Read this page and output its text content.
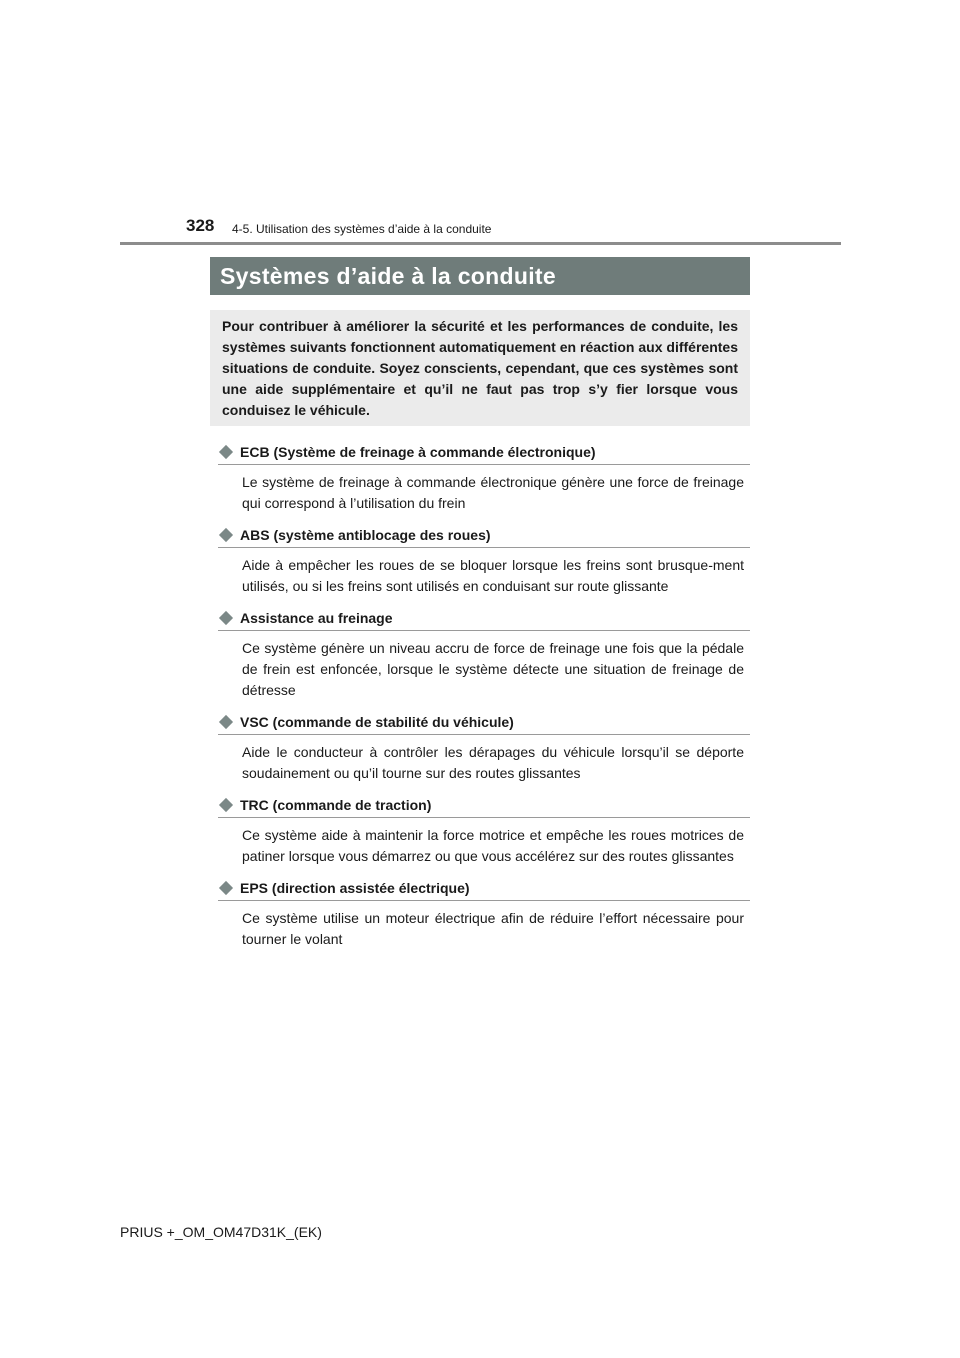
328 4-5. Utilisation des systèmes d’aide à la conduite
Systèmes d’aide à la conduite
Pour contribuer à améliorer la sécurité et les performances de conduite, les systèmes suivants fonctionnent automatiquement en réaction aux différentes situations de conduite. Soyez conscients, cependant, que ces systèmes sont une aide supplémentaire et qu’il ne faut pas trop s’y fier lorsque vous conduisez le véhicule.
ECB (Système de freinage à commande électronique)
Le système de freinage à commande électronique génère une force de freinage qui correspond à l’utilisation du frein
ABS (système antiblocage des roues)
Aide à empêcher les roues de se bloquer lorsque les freins sont brusque-ment utilisés, ou si les freins sont utilisés en conduisant sur route glissante
Assistance au freinage
Ce système génère un niveau accru de force de freinage une fois que la pédale de frein est enfoncée, lorsque le système détecte une situation de freinage de détresse
VSC (commande de stabilité du véhicule)
Aide le conducteur à contrôler les dérapages du véhicule lorsqu’il se déporte soudainement ou qu’il tourne sur des routes glissantes
TRC (commande de traction)
Ce système aide à maintenir la force motrice et empêche les roues motrices de patiner lorsque vous démarrez ou que vous accélérez sur des routes glissantes
EPS (direction assistée électrique)
Ce système utilise un moteur électrique afin de réduire l’effort nécessaire pour tourner le volant
PRIUS +_OM_OM47D31K_(EK)
